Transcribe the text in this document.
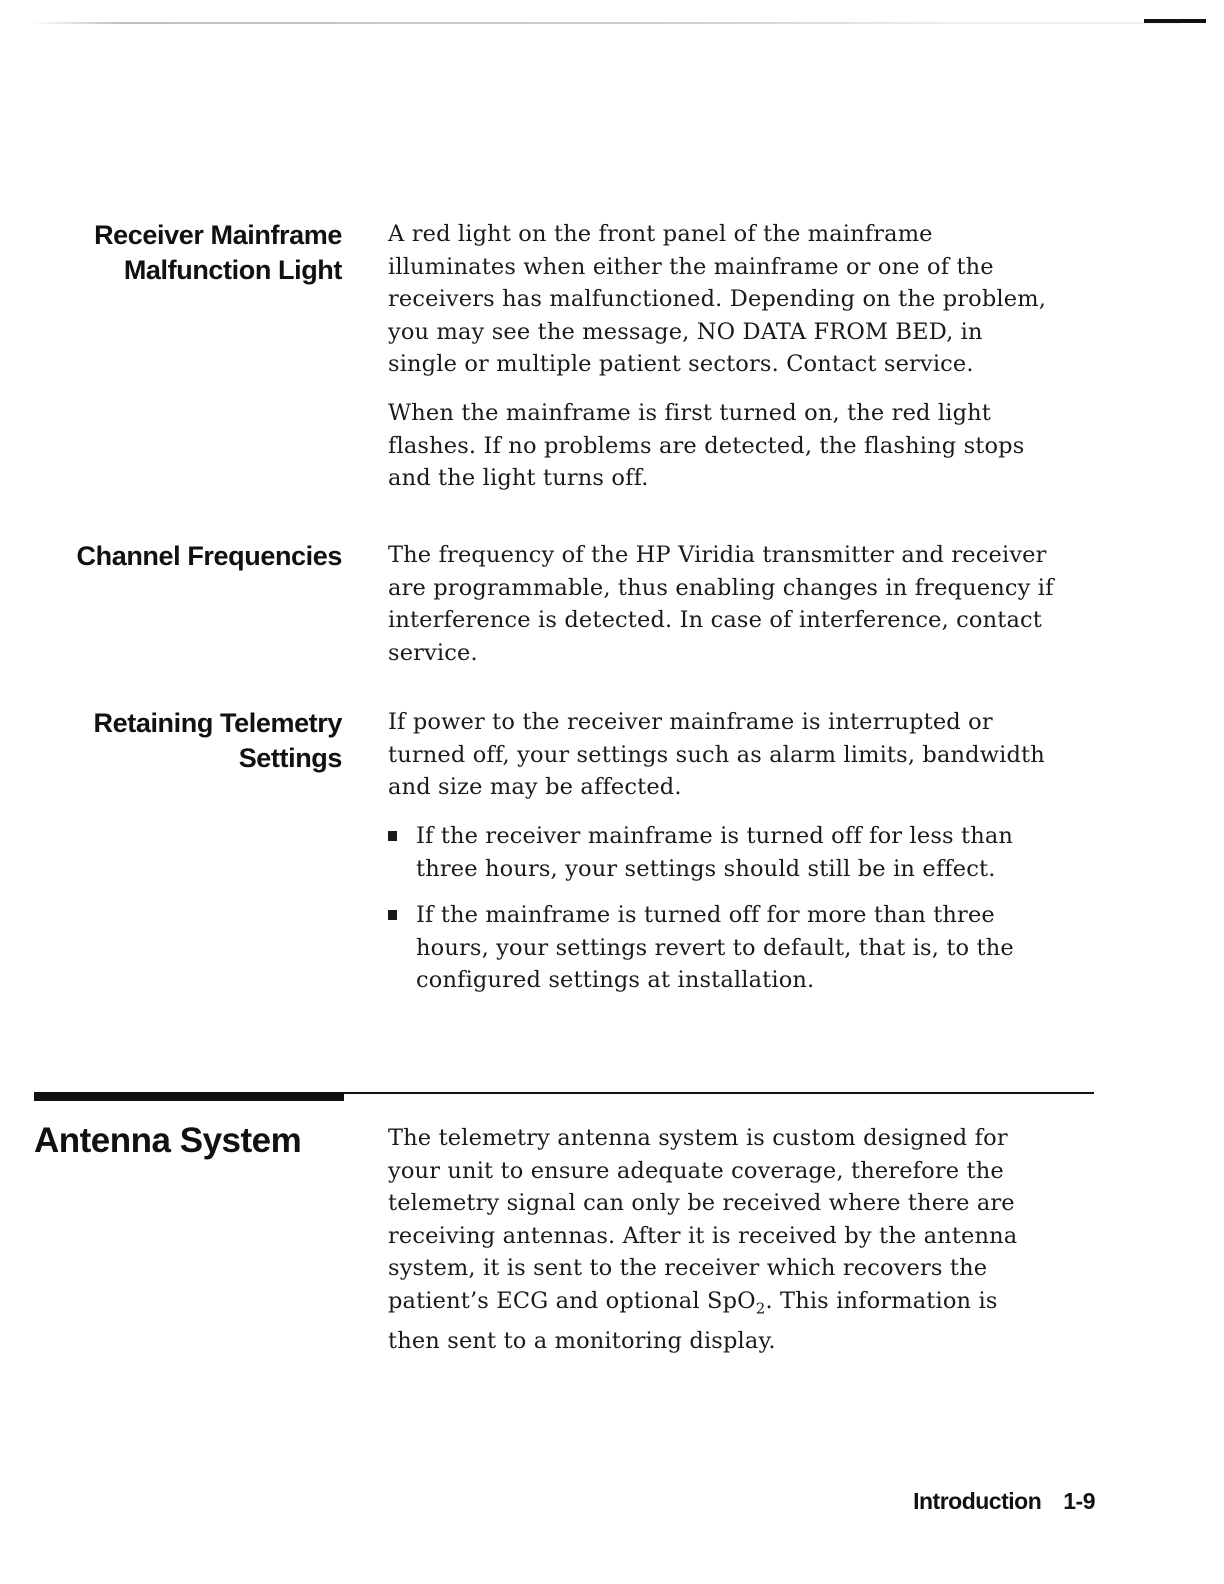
Receiver Mainframe
Malfunction Light
A red light on the front panel of the mainframe
illuminates when either the mainframe or one of the
receivers has malfunctioned. Depending on the problem,
you may see the message, NO DATA FROM BED, in
single or multiple patient sectors. Contact service.
When the mainframe is first turned on, the red light
flashes. If no problems are detected, the flashing stops
and the light turns off.
Channel Frequencies The frequency of the HP Viridia transmitter and receiver
are programmable, thus enabling changes in frequency if
interference is detected. In case of interference, contact
service.
Retaining Telemetry
Settings
If power to the receiver mainframe is interrupted or
turned off, your settings such as alarm limits, bandwidth
and size may be affected.
If the receiver mainframe is turned off for less than
three hours, your settings should still be in effect.
If the mainframe is turned off for more than three
hours, your settings revert to default, that is, to the
configured settings at installation.
Antenna System	The telemetry antenna system is custom designed for
your unit to ensure adequate coverage, therefore the
telemetry signal can only be received where there are
receiving antennas. After it is received by the antenna
system, it is sent to the receiver which recovers the
patient’s ECG and optional SpO$_2$. This information is
then sent to a monitoring display.
Introduction 1-9
